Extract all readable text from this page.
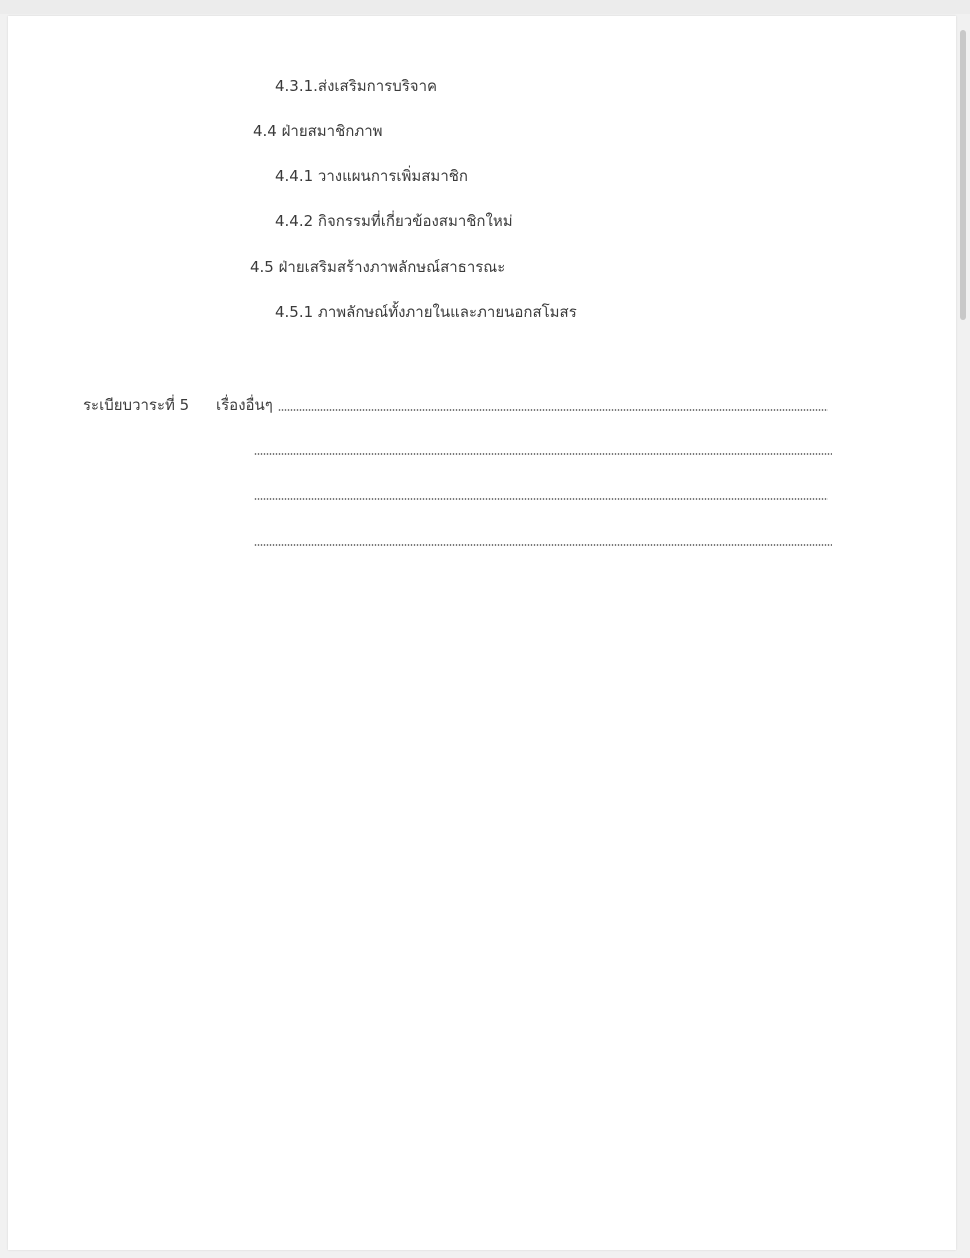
4.3.1.ส่งเสริมการบริจาค
4.4 ฝ่ายสมาชิกภาพ
4.4.1 วางแผนการเพิ่มสมาชิก
4.4.2 กิจกรรมที่เกี่ยวข้องสมาชิกใหม่
4.5 ฝ่ายเสริมสร้างภาพลักษณ์สาธารณะ
4.5.1 ภาพลักษณ์ทั้งภายในและภายนอกสโมสร
ระเบียบวาระที่ 5 เรื่องอื่นๆ
